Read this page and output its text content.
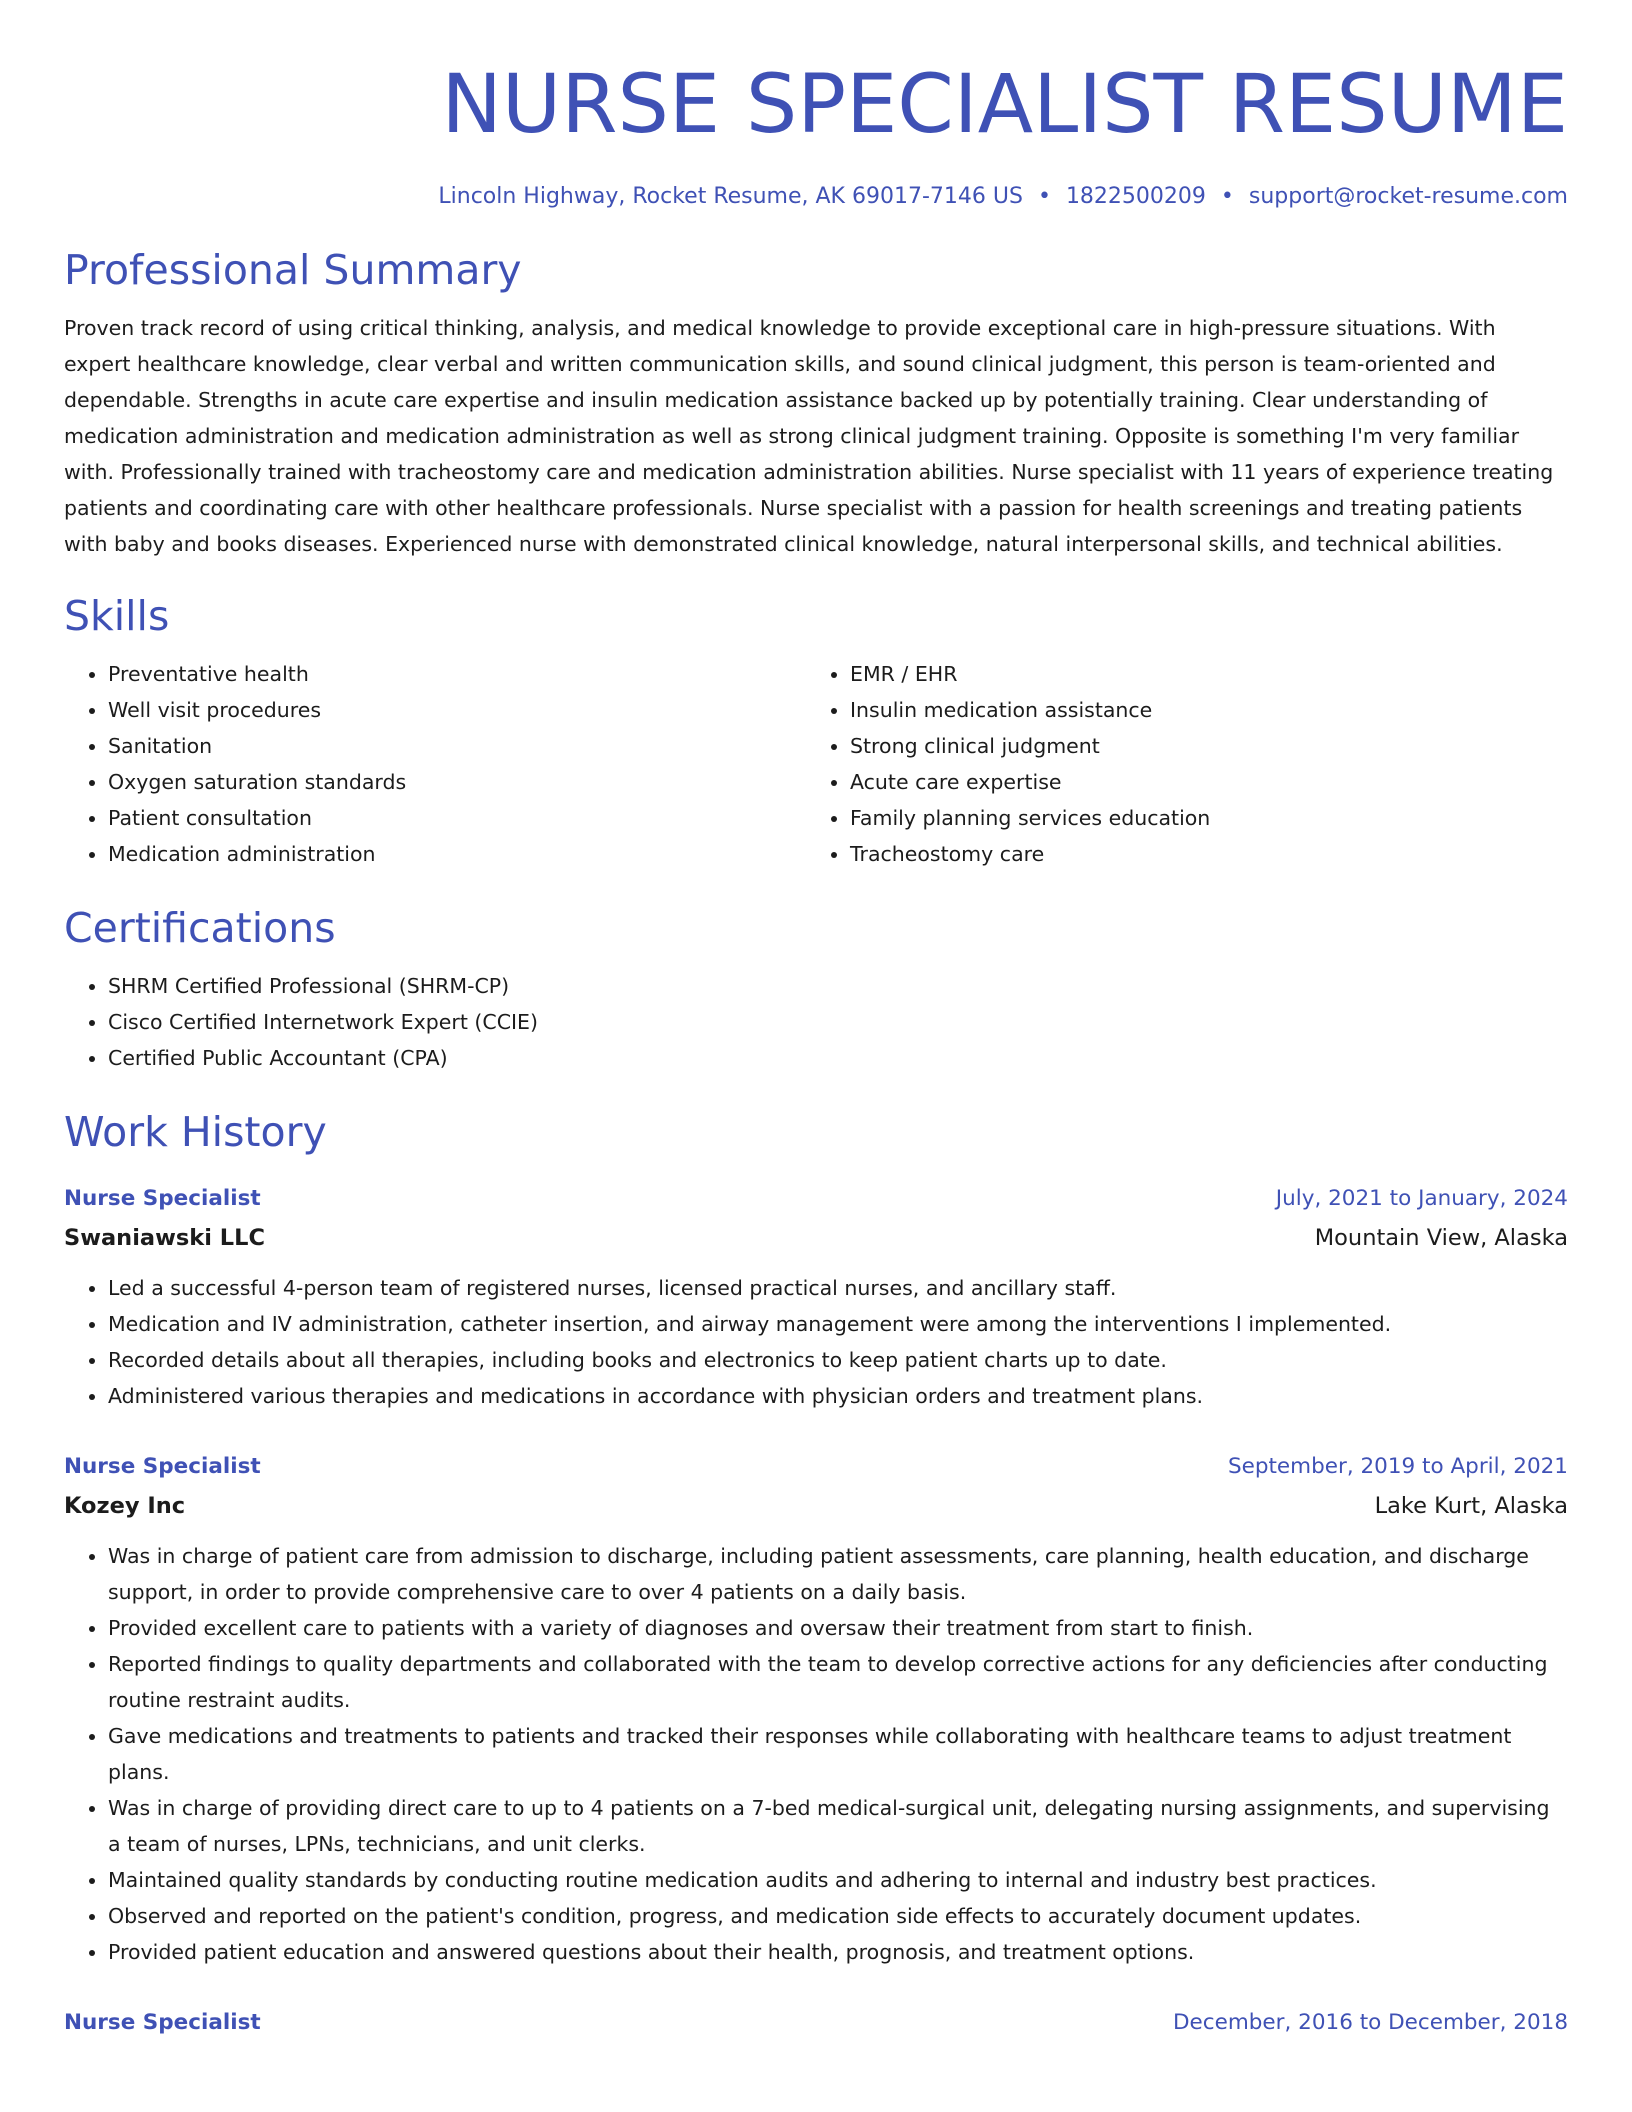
NURSE SPECIALIST RESUME
Lincoln Highway, Rocket Resume, AK 69017-7146 US • 1822500209 • support@rocket-resume.com
Professional Summary

Proven track record of using critical thinking, analysis, and medical knowledge to provide exceptional care in high-pressure situations. With expert healthcare knowledge, clear verbal and written communication skills, and sound clinical judgment, this person is team-oriented and dependable. Strengths in acute care expertise and insulin medication assistance backed up by potentially training. Clear understanding of medication administration and medication administration as well as strong clinical judgment training. Opposite is something I'm very familiar with. Professionally trained with tracheostomy care and medication administration abilities. Nurse specialist with 11 years of experience treating patients and coordinating care with other healthcare professionals. Nurse specialist with a passion for health screenings and treating patients with baby and books diseases. Experienced nurse with demonstrated clinical knowledge, natural interpersonal skills, and technical abilities.

Skills
• Preventative health
• Well visit procedures
• Sanitation
• Oxygen saturation standards
• Patient consultation
• Medication administration
• EMR / EHR
• Insulin medication assistance
• Strong clinical judgment
• Acute care expertise
• Family planning services education
• Tracheostomy care
Certifications
• SHRM Certified Professional (SHRM-CP)
• Cisco Certified Internetwork Expert (CCIE)
• Certified Public Accountant (CPA)
Work History
Nurse Specialist	July, 2021 to January, 2024
Swaniawski LLC	Mountain View, Alaska
• Led a successful 4-person team of registered nurses, licensed practical nurses, and ancillary staff.
• Medication and IV administration, catheter insertion, and airway management were among the interventions I implemented.
• Recorded details about all therapies, including books and electronics to keep patient charts up to date.
• Administered various therapies and medications in accordance with physician orders and treatment plans.
Nurse Specialist	September, 2019 to April, 2021
Kozey Inc	Lake Kurt, Alaska
• Was in charge of patient care from admission to discharge, including patient assessments, care planning, health education, and discharge support, in order to provide comprehensive care to over 4 patients on a daily basis.
• Provided excellent care to patients with a variety of diagnoses and oversaw their treatment from start to finish.
• Reported findings to quality departments and collaborated with the team to develop corrective actions for any deficiencies after conducting routine restraint audits.
• Gave medications and treatments to patients and tracked their responses while collaborating with healthcare teams to adjust treatment plans.
• Was in charge of providing direct care to up to 4 patients on a 7-bed medical-surgical unit, delegating nursing assignments, and supervising a team of nurses, LPNs, technicians, and unit clerks.
• Maintained quality standards by conducting routine medication audits and adhering to internal and industry best practices.
• Observed and reported on the patient's condition, progress, and medication side effects to accurately document updates.
• Provided patient education and answered questions about their health, prognosis, and treatment options.
Nurse Specialist	December, 2016 to December, 2018
